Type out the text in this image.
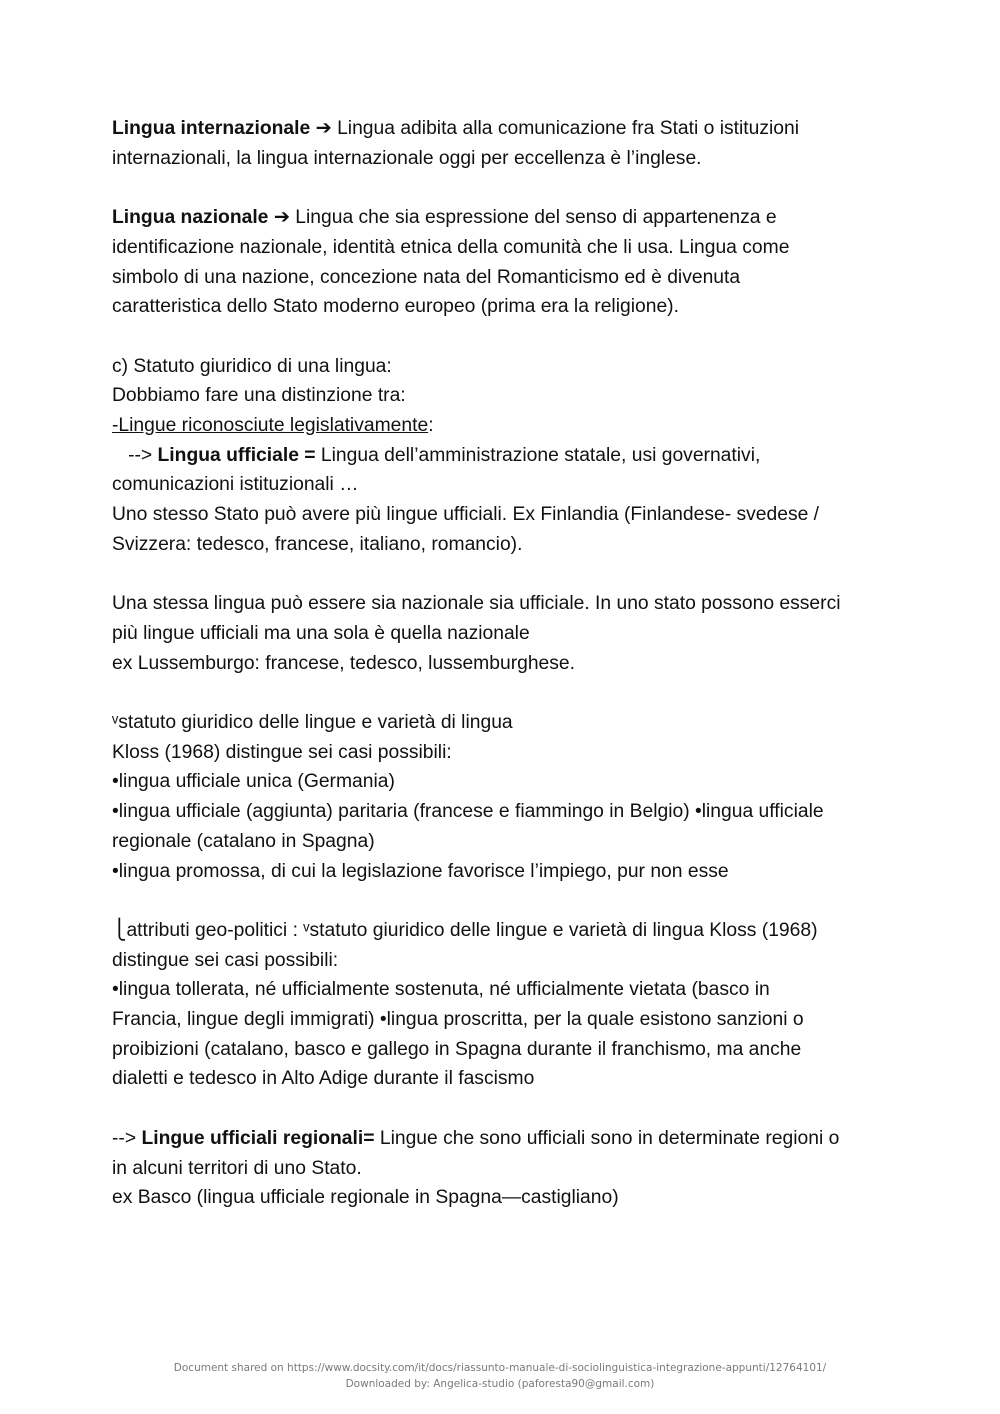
Lingua internazionale ➔ Lingua adibita alla comunicazione fra Stati o istituzioni

internazionali, la lingua internazionale oggi per eccellenza è l’inglese.

Lingua nazionale ➔ Lingua che sia espressione del senso di appartenenza e

identificazione nazionale, identità etnica della comunità che li usa. Lingua come

simbolo di una nazione, concezione nata del Romanticismo ed è divenuta

caratteristica dello Stato moderno europeo (prima era la religione).

c) Statuto giuridico di una lingua:

Dobbiamo fare una distinzione tra:

-Lingue riconosciute legislativamente:

--> Lingua ufficiale = Lingua dell’amministrazione statale, usi governativi,

comunicazioni istituzionali …

Uno stesso Stato può avere più lingue ufficiali. Ex Finlandia (Finlandese- svedese /

Svizzera: tedesco, francese, italiano, romancio).

Una stessa lingua può essere sia nazionale sia ufficiale. In uno stato possono esserci

più lingue ufficiali ma una sola è quella nazionale

ex Lussemburgo: francese, tedesco, lussemburghese.

ᵛstatuto giuridico delle lingue e varietà di lingua

Kloss (1968) distingue sei casi possibili:

•lingua ufficiale unica (Germania)

•lingua ufficiale (aggiunta) paritaria (francese e fiammingo in Belgio) •lingua ufficiale

regionale (catalano in Spagna)

•lingua promossa, di cui la legislazione favorisce l’impiego, pur non esse

⎩attributi geo-politici : ᵛstatuto giuridico delle lingue e varietà di lingua Kloss (1968)

distingue sei casi possibili:

•lingua tollerata, né ufficialmente sostenuta, né ufficialmente vietata (basco in

Francia, lingue degli immigrati) •lingua proscritta, per la quale esistono sanzioni o

proibizioni (catalano, basco e gallego in Spagna durante il franchismo, ma anche

dialetti e tedesco in Alto Adige durante il fascismo

--> Lingue ufficiali regionali= Lingue che sono ufficiali sono in determinate regioni o

in alcuni territori di uno Stato.

ex Basco (lingua ufficiale regionale in Spagna—castigliano)

Document shared on https://www.docsity.com/it/docs/riassunto-manuale-di-sociolinguistica-integrazione-appunti/12764101/
Downloaded by: Angelica-studio (paforesta90@gmail.com)
